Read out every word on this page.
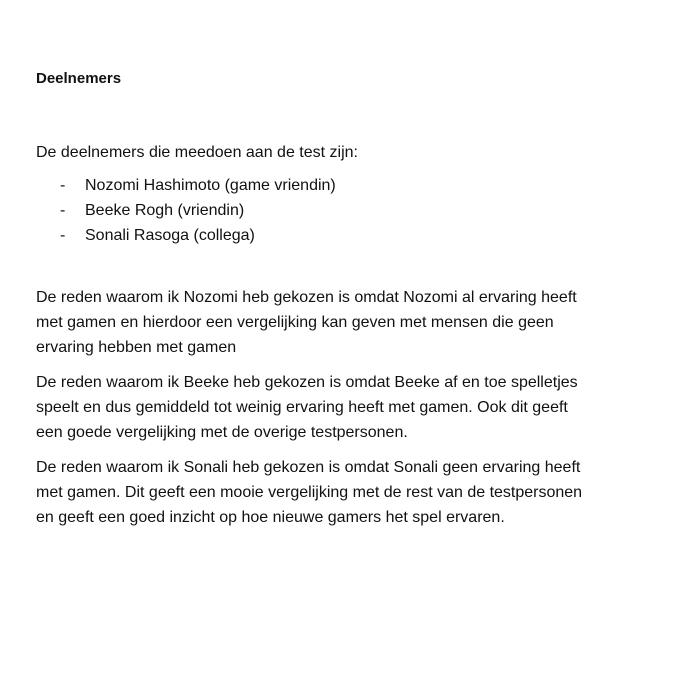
Deelnemers

De deelnemers die meedoen aan de test zijn:

-	Nozomi Hashimoto (game vriendin)
-	Beeke Rogh (vriendin)
-	Sonali Rasoga (collega)

De reden waarom ik Nozomi heb gekozen is omdat Nozomi al ervaring heeft
met gamen en hierdoor een vergelijking kan geven met mensen die geen
ervaring hebben met gamen

De reden waarom ik Beeke heb gekozen is omdat Beeke af en toe spelletjes
speelt en dus gemiddeld tot weinig ervaring heeft met gamen. Ook dit geeft
een goede vergelijking met de overige testpersonen.

De reden waarom ik Sonali heb gekozen is omdat Sonali geen ervaring heeft
met gamen. Dit geeft een mooie vergelijking met de rest van de testpersonen
en geeft een goed inzicht op hoe nieuwe gamers het spel ervaren.
